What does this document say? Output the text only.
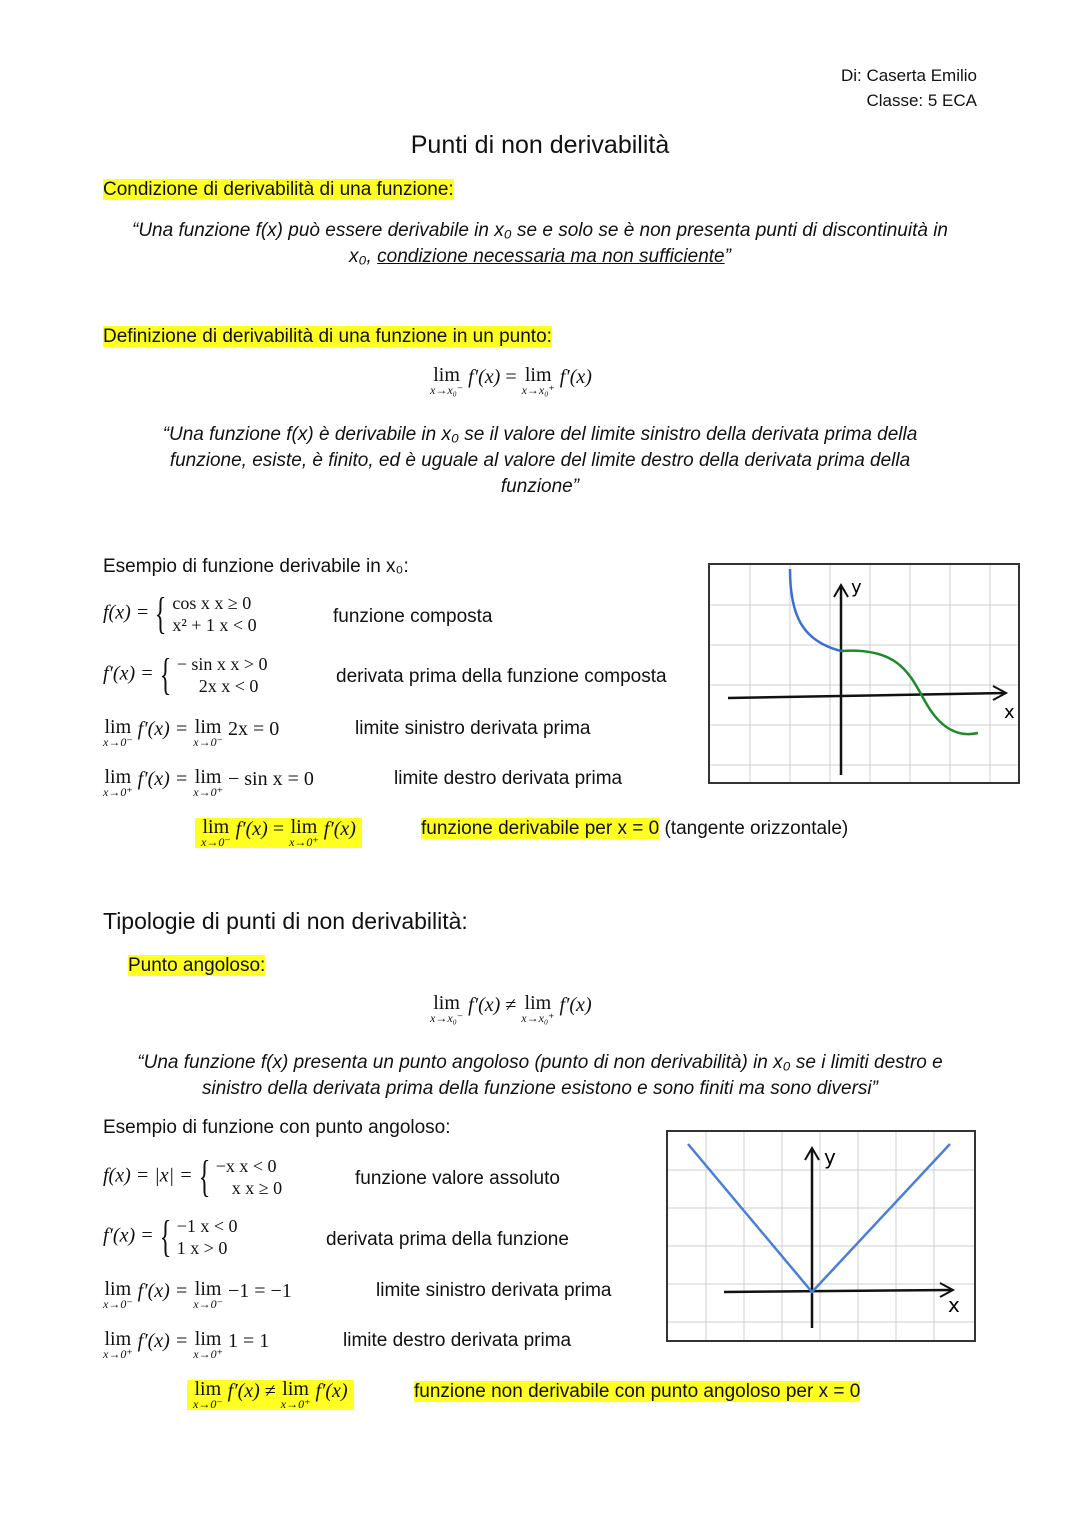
Di: Caserta Emilio
Classe: 5 ECA
Punti di non derivabilità
Condizione di derivabilità di una funzione:
“Una funzione f(x) può essere derivabile in x₀ se e solo se è non presenta punti di discontinuità in
x₀, condizione necessaria ma non sufficiente”
Definizione di derivabilità di una funzione in un punto:
lim
x→x₀⁻
f′(x) = lim
x→x₀⁺
f′(x)
“Una funzione f(x) è derivabile in x₀ se il valore del limite sinistro della derivata prima della
funzione, esiste, è finito, ed è uguale al valore del limite destro della derivata prima della
funzione”
Esempio di funzione derivabile in x₀:
f(x) = { cos x x ≥ 0
x² + 1 x < 0	funzione composta
f′(x) = { − sin x x > 0
2x x < 0	derivata prima della funzione composta
lim
x→0⁻
f′(x) = lim
x→0⁻
2x = 0	limite sinistro derivata prima
lim
x→0⁺
f′(x) = lim
x→0⁺
− sin x = 0	limite destro derivata prima
lim
x→0⁻
f′(x) = lim
x→0⁺
f′(x)	funzione derivabile per x = 0 (tangente orizzontale)
y
x
Tipologie di punti di non derivabilità:
Punto angoloso:
lim
x→x₀⁻
f′(x) ≠ lim
x→x₀⁺
f′(x)
“Una funzione f(x) presenta un punto angoloso (punto di non derivabilità) in x₀ se i limiti destro e
sinistro della derivata prima della funzione esistono e sono finiti ma sono diversi”
Esempio di funzione con punto angoloso:
f(x) = |x| = { −x x < 0
x x ≥ 0	funzione valore assoluto
f′(x) = { −1 x < 0
1 x > 0	derivata prima della funzione
lim
x→0⁻
f′(x) = lim
x→0⁻
−1 = −1	limite sinistro derivata prima
lim
x→0⁺
f′(x) = lim
x→0⁺
1 = 1	limite destro derivata prima
lim
x→0⁻
f′(x) ≠ lim
x→0⁺
f′(x)	funzione non derivabile con punto angoloso per x = 0
y
x
